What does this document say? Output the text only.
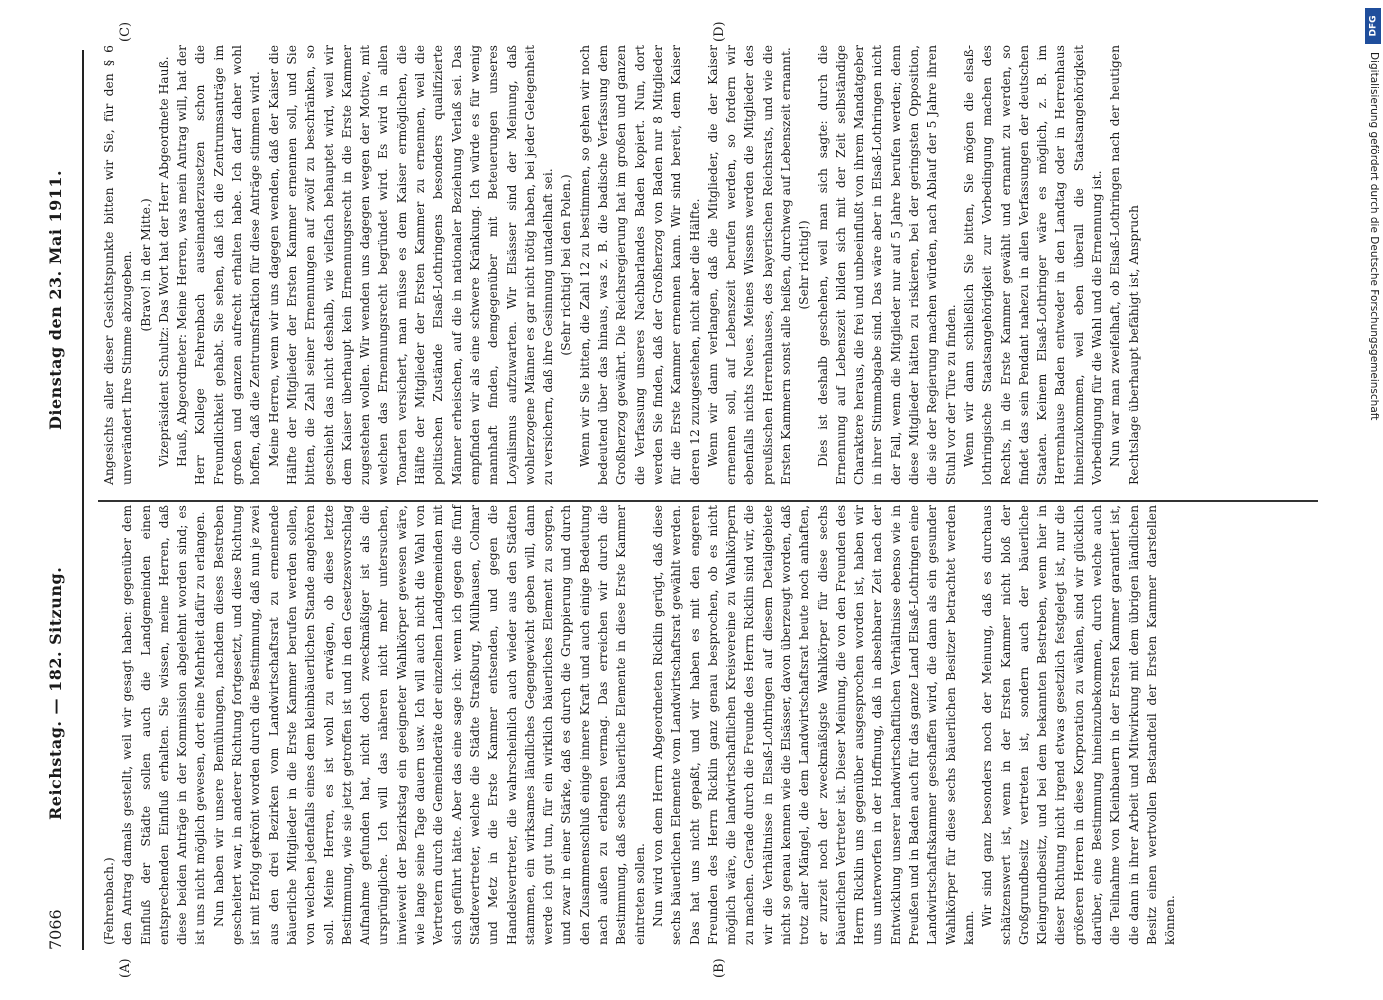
7066
Reichstag. — 182. Sitzung.
Dienstag den 23. Mai 1911.
(A)	(B)
(C)	(D)

(Fehrenbach.) den Antrag damals gestellt, weil wir gesagt haben: gegenüber dem Einfluß der Städte sollen auch die Landgemeinden einen entsprechenden Einfluß erhalten. Sie wissen, meine Herren, daß diese beiden Anträge in der Kommission abgelehnt worden sind; es ist uns nicht möglich gewesen, dort eine Mehrheit dafür zu erlangen. Nun haben wir unsere Bemühungen, nachdem dieses Bestreben gescheitert war, in anderer Richtung fortgesetzt, und diese Richtung ist mit Erfolg gekrönt worden durch die Bestimmung, daß nun je zwei aus den drei Bezirken vom Landwirtschaftsrat zu ernennende bäuerliche Mitglieder in die Erste Kammer berufen werden sollen, von welchen jedenfalls eines dem kleinbäuerlichen Stande angehören soll. Meine Herren, es ist wohl zu erwägen, ob diese letzte Bestimmung, wie sie jetzt getroffen ist und in den Gesetzesvorschlag Aufnahme gefunden hat, nicht doch zweckmäßiger ist als die ursprüngliche. Ich will das näheren nicht mehr untersuchen, inwieweit der Bezirkstag ein geeigneter Wahlkörper gewesen wäre, wie lange seine Tage dauern usw. Ich will auch nicht die Wahl von Vertretern durch die Gemeinderäte der einzelnen Landgemeinden mit sich geführt hätte. Aber das eine sage ich: wenn ich gegen die fünf Städtevertreter, welche die Städte Straßburg, Mülhausen, Colmar und Metz in die Erste Kammer entsenden, und gegen die Handelsvertreter, die wahrscheinlich auch wieder aus den Städten stammen, ein wirksames ländliches Gegengewicht geben will, dann werde ich gut tun, für ein wirklich bäuerliches Element zu sorgen, und zwar in einer Stärke, daß es durch die Gruppierung und durch den Zusammenschluß einige innere Kraft und auch einige Bedeutung nach außen zu erlangen vermag. Das erreichen wir durch die Bestimmung, daß sechs bäuerliche Elemente in diese Erste Kammer eintreten sollen. Nun wird von dem Herrn Abgeordneten Ricklin gerügt, daß diese sechs bäuerlichen Elemente vom Landwirtschaftsrat gewählt werden. Das hat uns nicht gepaßt, und wir haben es mit den engeren Freunden des Herrn Ricklin ganz genau besprochen, ob es nicht möglich wäre, die landwirtschaftlichen Kreisvereine zu Wahlkörpern zu machen. Gerade durch die Freunde des Herrn Ricklin sind wir, die wir die Verhältnisse in Elsaß-Lothringen auf diesem Detailgebiete nicht so genau kennen wie die Elsässer, davon überzeugt worden, daß trotz aller Mängel, die dem Landwirtschaftsrat heute noch anhaften, er zurzeit noch der zweckmäßigste Wahlkörper für diese sechs bäuerlichen Vertreter ist. Dieser Meinung, die von den Freunden des Herrn Ricklin uns gegenüber ausgesprochen worden ist, haben wir uns unterworfen in der Hoffnung, daß in absehbarer Zeit nach der Entwicklung unserer landwirtschaftlichen Verhältnisse ebenso wie in Preußen und in Baden auch für das ganze Land Elsaß-Lothringen eine Landwirtschaftskammer geschaffen wird, die dann als ein gesunder Wahlkörper für diese sechs bäuerlichen Besitzer betrachtet werden kann.

Wir sind ganz besonders noch der Meinung, daß es durchaus schätzenswert ist, wenn in der Ersten Kammer nicht bloß der Großgrundbesitz vertreten ist, sondern auch der bäuerliche Kleingrundbesitz, und bei dem bekannten Bestreben, wenn hier in dieser Richtung nicht irgend etwas gesetzlich festgelegt ist, nur die größeren Herren in diese Korporation zu wählen, sind wir glücklich darüber, eine Bestimmung hineinzubekommen, durch welche auch die Teilnahme von Kleinbauern in der Ersten Kammer garantiert ist, die dann in ihrer Arbeit und Mitwirkung mit dem übrigen ländlichen Besitz einen wertvollen Bestandteil der Ersten Kammer darstellen können.

Angesichts aller dieser Gesichtspunkte bitten wir Sie, für den § 6 unverändert Ihre Stimme abzugeben. (Bravo! in der Mitte.) Vizepräsident Schultz: Das Wort hat der Herr Abgeordnete Hauß. Hauß, Abgeordneter: Meine Herren, was mein Antrag will, hat der Herr Kollege Fehrenbach auseinanderzusetzen schon die Freundlichkeit gehabt. Sie sehen, daß ich die Zentrumsanträge im großen und ganzen aufrecht erhalten habe. Ich darf daher wohl hoffen, daß die Zentrumsfraktion für diese Anträge stimmen wird. Meine Herren, wenn wir uns dagegen wenden, daß der Kaiser die Hälfte der Mitglieder der Ersten Kammer ernennen soll, und Sie bitten, die Zahl seiner Ernennungen auf zwölf zu beschränken, so geschieht das nicht deshalb, wie vielfach behauptet wird, weil wir dem Kaiser überhaupt kein Ernennungsrecht in die Erste Kammer zugestehen wollen. Wir wenden uns dagegen wegen der Motive, mit welchen das Ernennungsrecht begründet wird. Es wird in allen Tonarten versichert, man müsse es dem Kaiser ermöglichen, die Hälfte der Mitglieder der Ersten Kammer zu ernennen, weil die politischen Zustände Elsaß-Lothringens besonders qualifizierte Männer erheischen, auf die in nationaler Beziehung Verlaß sei. Das empfinden wir als eine schwere Kränkung. Ich würde es für wenig mannhaft finden, demgegenüber mit Beteuerungen unseres Loyalismus aufzuwarten. Wir Elsässer sind der Meinung, daß wohlerzogene Männer es gar nicht nötig haben, bei jeder Gelegenheit zu versichern, daß ihre Gesinnung untadelhaft sei. (Sehr richtig! bei den Polen.) Wenn wir Sie bitten, die Zahl 12 zu bestimmen, so gehen wir noch bedeutend über das hinaus, was z. B. die badische Verfassung dem Großherzog gewährt. Die Reichsregierung hat im großen und ganzen die Verfassung unseres Nachbarlandes Baden kopiert. Nun, dort werden Sie finden, daß der Großherzog von Baden nur 8 Mitglieder für die Erste Kammer ernennen kann. Wir sind bereit, dem Kaiser deren 12 zuzugestehen, nicht aber die Hälfte. Wenn wir dann verlangen, daß die Mitglieder, die der Kaiser ernennen soll, auf Lebenszeit berufen werden, so fordern wir ebenfalls nichts Neues. Meines Wissens werden die Mitglieder des preußischen Herrenhauses, des bayerischen Reichsrats, und wie die Ersten Kammern sonst alle heißen, durchweg auf Lebenszeit ernannt. (Sehr richtig!) Dies ist deshalb geschehen, weil man sich sagte: durch die Ernennung auf Lebenszeit bilden sich mit der Zeit selbständige Charaktere heraus, die frei und unbeeinflußt von ihrem Mandatgeber in ihrer Stimmabgabe sind. Das wäre aber in Elsaß-Lothringen nicht der Fall, wenn die Mitglieder nur auf 5 Jahre berufen werden; denn diese Mitglieder hätten zu riskieren, bei der geringsten Opposition, die sie der Regierung machen würden, nach Ablauf der 5 Jahre ihren Stuhl vor der Türe zu finden. Wenn wir dann schließlich Sie bitten, Sie mögen die elsaß-lothringische Staatsangehörigkeit zur Vorbedingung machen des Rechts, in die Erste Kammer gewählt und ernannt zu werden, so findet das sein Pendant nahezu in allen Verfassungen der deutschen Staaten. Keinem Elsaß-Lothringer wäre es möglich, z. B. im Herrenhause Baden entweder in den Landtag oder in Herrenhaus hineinzukommen, weil eben überall die Staatsangehörigkeit Vorbedingung für die Wahl und die Ernennung ist. Nun war man zweifelhaft, ob Elsaß-Lothringen nach der heutigen Rechtslage überhaupt befähigt ist, Anspruch

DFG
Digitalisierung gefördert durch die Deutsche Forschungsgemeinschaft
